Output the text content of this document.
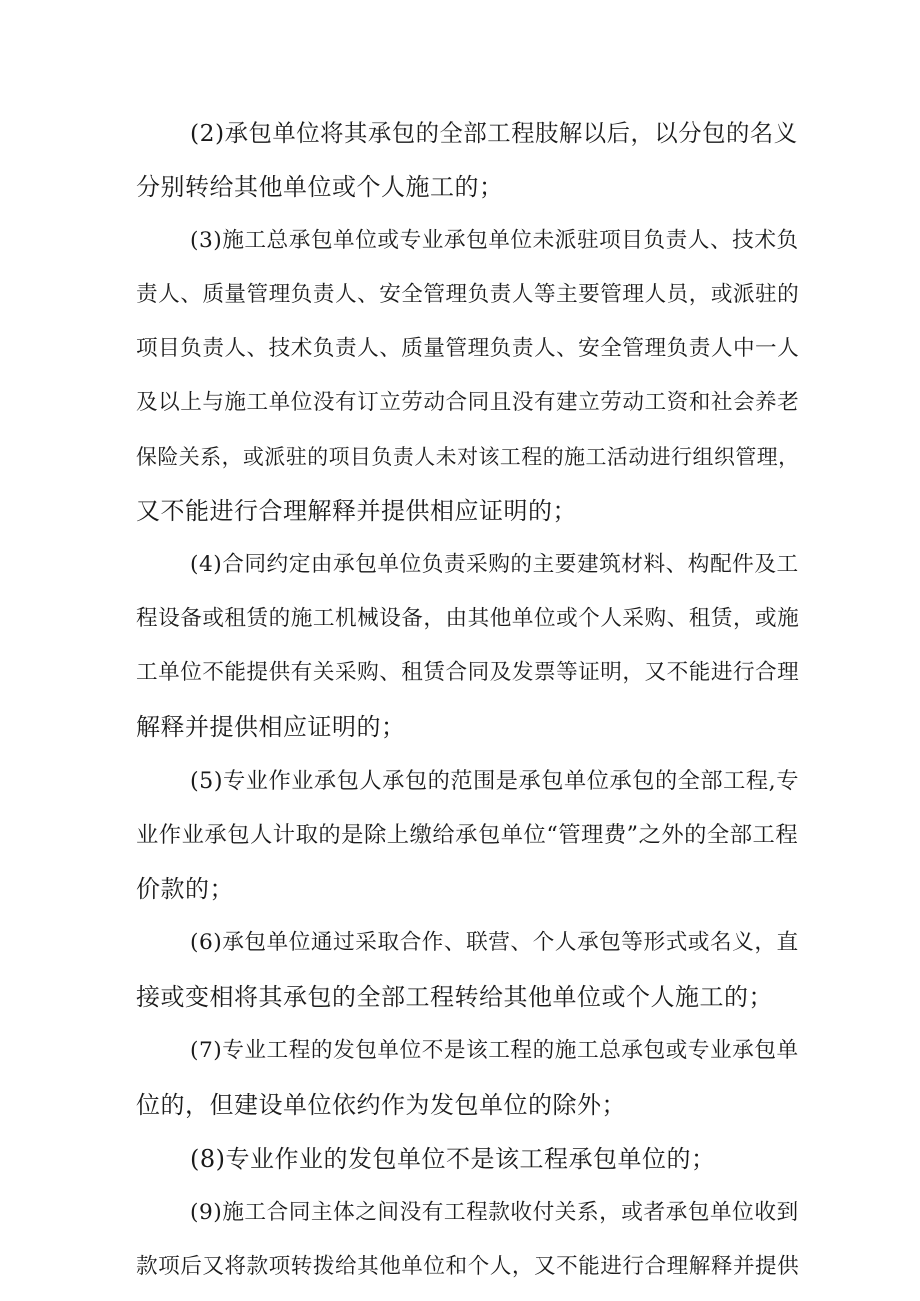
(2)承包单位将其承包的全部工程肢解以后，以分包的名义
分别转给其他单位或个人施工的；
(3)施工总承包单位或专业承包单位未派驻项目负责人、技术负
责人、质量管理负责人、安全管理负责人等主要管理人员，或派驻的
项目负责人、技术负责人、质量管理负责人、安全管理负责人中一人
及以上与施工单位没有订立劳动合同且没有建立劳动工资和社会养老
保险关系，或派驻的项目负责人未对该工程的施工活动进行组织管理，
又不能进行合理解释并提供相应证明的；
(4)合同约定由承包单位负责采购的主要建筑材料、构配件及工
程设备或租赁的施工机械设备，由其他单位或个人采购、租赁，或施
工单位不能提供有关采购、租赁合同及发票等证明，又不能进行合理
解释并提供相应证明的；
(5)专业作业承包人承包的范围是承包单位承包的全部工程,专
业作业承包人计取的是除上缴给承包单位“管理费”之外的全部工程
价款的；
(6)承包单位通过采取合作、联营、个人承包等形式或名义，直
接或变相将其承包的全部工程转给其他单位或个人施工的；
(7)专业工程的发包单位不是该工程的施工总承包或专业承包单
位的，但建设单位依约作为发包单位的除外；
(8)专业作业的发包单位不是该工程承包单位的；
(9)施工合同主体之间没有工程款收付关系，或者承包单位收到
款项后又将款项转拨给其他单位和个人，又不能进行合理解释并提供
